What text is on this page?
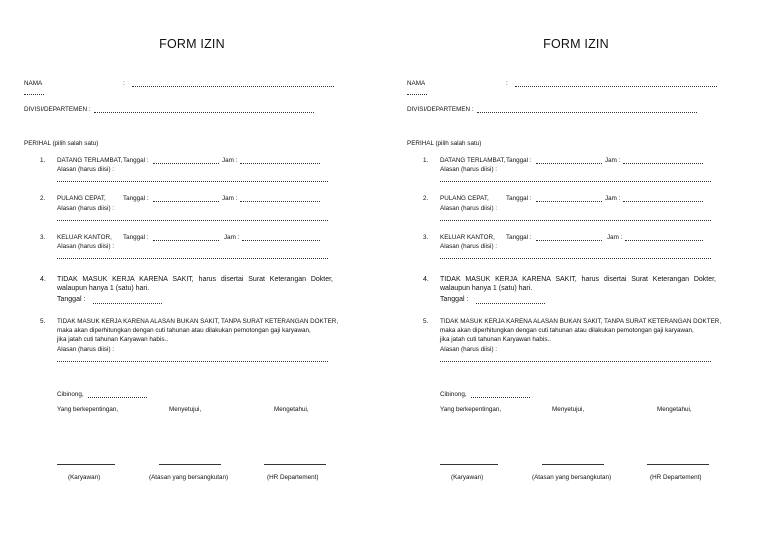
FORM IZIN
NAMA	:
DIVISI/DEPARTEMEN :
PERIHAL (pilih salah satu)
1. DATANG TERLAMBAT, Tanggal :	Jam :
Alasan (harus diisi) :
2. PULANG CEPAT,	Tanggal :	Jam :
Alasan (harus diisi) :
3. KELUAR KANTOR, Tanggal :	Jam :
Alasan (harus diisi) :
4. TIDAK MASUK KERJA KARENA SAKIT, harus disertai Surat Keterangan Dokter,
walaupun hanya 1 (satu) hari.
Tanggal :
5. TIDAK MASUK KERJA KARENA ALASAN BUKAN SAKIT, TANPA SURAT KETERANGAN DOKTER,
maka akan diperhitungkan dengan cuti tahunan atau dilakukan pemotongan gaji karyawan,
jika jatah cuti tahunan Karyawan habis..
Alasan (harus diisi) :
Cibinong,
Yang berkepentingan,	Menyetujui,	Mengetahui,
(Karyawan)	(Atasan yang bersangkutan)	(HR Departement)
FORM IZIN
NAMA	:
DIVISI/DEPARTEMEN :
PERIHAL (pilih salah satu)
1. DATANG TERLAMBAT, Tanggal :	Jam :
Alasan (harus diisi) :
2. PULANG CEPAT,	Tanggal :	Jam :
Alasan (harus diisi) :
3. KELUAR KANTOR, Tanggal :	Jam :
Alasan (harus diisi) :
4. TIDAK MASUK KERJA KARENA SAKIT, harus disertai Surat Keterangan Dokter,
walaupun hanya 1 (satu) hari.
Tanggal :
5. TIDAK MASUK KERJA KARENA ALASAN BUKAN SAKIT, TANPA SURAT KETERANGAN DOKTER,
maka akan diperhitungkan dengan cuti tahunan atau dilakukan pemotongan gaji karyawan,
jika jatah cuti tahunan Karyawan habis..
Alasan (harus diisi) :
Cibinong,
Yang berkepentingan,	Menyetujui,	Mengetahui,
(Karyawan)	(Atasan yang bersangkutan)	(HR Departement)
